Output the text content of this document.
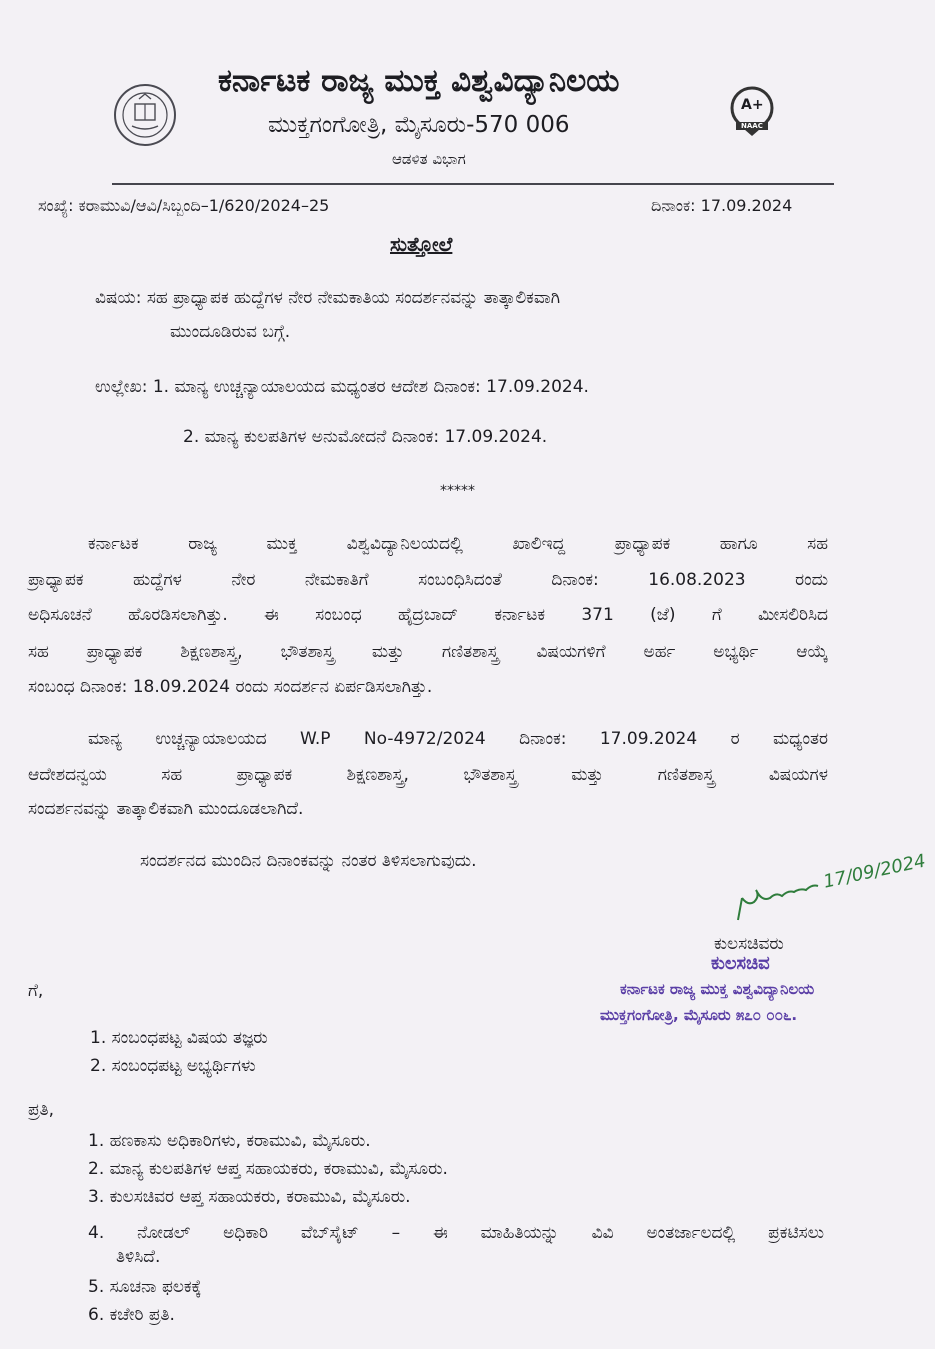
ಕರ್ನಾಟಕ ರಾಜ್ಯ ಮುಕ್ತ ವಿಶ್ವವಿದ್ಯಾನಿಲಯ
ಮುಕ್ತಗಂಗೋತ್ರಿ, ಮೈಸೂರು-570 006
ಆಡಳಿತ ವಿಭಾಗ
A+
NAAC
ಸಂಖ್ಯೆ: ಕರಾಮುವಿ/ಆವಿ/ಸಿಬ್ಬಂದಿ–1/620/2024–25	ದಿನಾಂಕ: 17.09.2024
ಸುತ್ತೋಲೆ
ವಿಷಯ: ಸಹ ಪ್ರಾಧ್ಯಾಪಕ ಹುದ್ದೆಗಳ ನೇರ ನೇಮಕಾತಿಯ ಸಂದರ್ಶನವನ್ನು ತಾತ್ಕಾಲಿಕವಾಗಿ
ಮುಂದೂಡಿರುವ ಬಗ್ಗೆ.
ಉಲ್ಲೇಖ: 1. ಮಾನ್ಯ ಉಚ್ಚನ್ಯಾಯಾಲಯದ ಮಧ್ಯಂತರ ಆದೇಶ ದಿನಾಂಕ: 17.09.2024.
2. ಮಾನ್ಯ ಕುಲಪತಿಗಳ ಅನುಮೋದನೆ ದಿನಾಂಕ: 17.09.2024.
*****
ಕರ್ನಾಟಕ ರಾಜ್ಯ ಮುಕ್ತ ವಿಶ್ವವಿದ್ಯಾನಿಲಯದಲ್ಲಿ ಖಾಲಿಇದ್ದ ಪ್ರಾಧ್ಯಾಪಕ ಹಾಗೂ ಸಹ
ಪ್ರಾಧ್ಯಾಪಕ ಹುದ್ದೆಗಳ ನೇರ ನೇಮಕಾತಿಗೆ ಸಂಬಂಧಿಸಿದಂತೆ ದಿನಾಂಕ: 16.08.2023 ರಂದು
ಅಧಿಸೂಚನೆ ಹೊರಡಿಸಲಾಗಿತ್ತು. ಈ ಸಂಬಂಧ ಹೈದ್ರಬಾದ್ ಕರ್ನಾಟಕ 371 (ಜೆ) ಗೆ ಮೀಸಲಿರಿಸಿದ
ಸಹ ಪ್ರಾಧ್ಯಾಪಕ ಶಿಕ್ಷಣಶಾಸ್ತ್ರ, ಭೌತಶಾಸ್ತ್ರ ಮತ್ತು ಗಣಿತಶಾಸ್ತ್ರ ವಿಷಯಗಳಿಗೆ ಅರ್ಹ ಅಭ್ಯರ್ಥಿ ಆಯ್ಕೆ
ಸಂಬಂಧ ದಿನಾಂಕ: 18.09.2024 ರಂದು ಸಂದರ್ಶನ ಏರ್ಪಡಿಸಲಾಗಿತ್ತು.
ಮಾನ್ಯ ಉಚ್ಚನ್ಯಾಯಾಲಯದ W.P No-4972/2024 ದಿನಾಂಕ: 17.09.2024 ರ ಮಧ್ಯಂತರ
ಆದೇಶದನ್ವಯ ಸಹ ಪ್ರಾಧ್ಯಾಪಕ ಶಿಕ್ಷಣಶಾಸ್ತ್ರ, ಭೌತಶಾಸ್ತ್ರ ಮತ್ತು ಗಣಿತಶಾಸ್ತ್ರ ವಿಷಯಗಳ
ಸಂದರ್ಶನವನ್ನು ತಾತ್ಕಾಲಿಕವಾಗಿ ಮುಂದೂಡಲಾಗಿದೆ.
ಸಂದರ್ಶನದ ಮುಂದಿನ ದಿನಾಂಕವನ್ನು ನಂತರ ತಿಳಿಸಲಾಗುವುದು.	17/09/2024
ಕುಲಸಚಿವರು
ಕುಲಸಚಿವ
ಕರ್ನಾಟಕ ರಾಜ್ಯ ಮುಕ್ತ ವಿಶ್ವವಿದ್ಯಾನಿಲಯ
ಮುಕ್ತಗಂಗೋತ್ರಿ, ಮೈಸೂರು ೫೭೦ ೦೦೬.
ಗೆ,
1. ಸಂಬಂಧಪಟ್ಟ ವಿಷಯ ತಜ್ಞರು
2. ಸಂಬಂಧಪಟ್ಟ ಅಭ್ಯರ್ಥಿಗಳು
ಪ್ರತಿ,
1. ಹಣಕಾಸು ಅಧಿಕಾರಿಗಳು, ಕರಾಮುವಿ, ಮೈಸೂರು.
2. ಮಾನ್ಯ ಕುಲಪತಿಗಳ ಆಪ್ತ ಸಹಾಯಕರು, ಕರಾಮುವಿ, ಮೈಸೂರು.
3. ಕುಲಸಚಿವರ ಆಪ್ತ ಸಹಾಯಕರು, ಕರಾಮುವಿ, ಮೈಸೂರು.
4. ನೋಡಲ್ ಅಧಿಕಾರಿ ವೆಬ್‌ಸೈಟ್ – ಈ ಮಾಹಿತಿಯನ್ನು ವಿವಿ ಅಂತರ್ಜಾಲದಲ್ಲಿ ಪ್ರಕಟಿಸಲು
ತಿಳಿಸಿದೆ.
5. ಸೂಚನಾ ಫಲಕಕ್ಕೆ
6. ಕಚೇರಿ ಪ್ರತಿ.
